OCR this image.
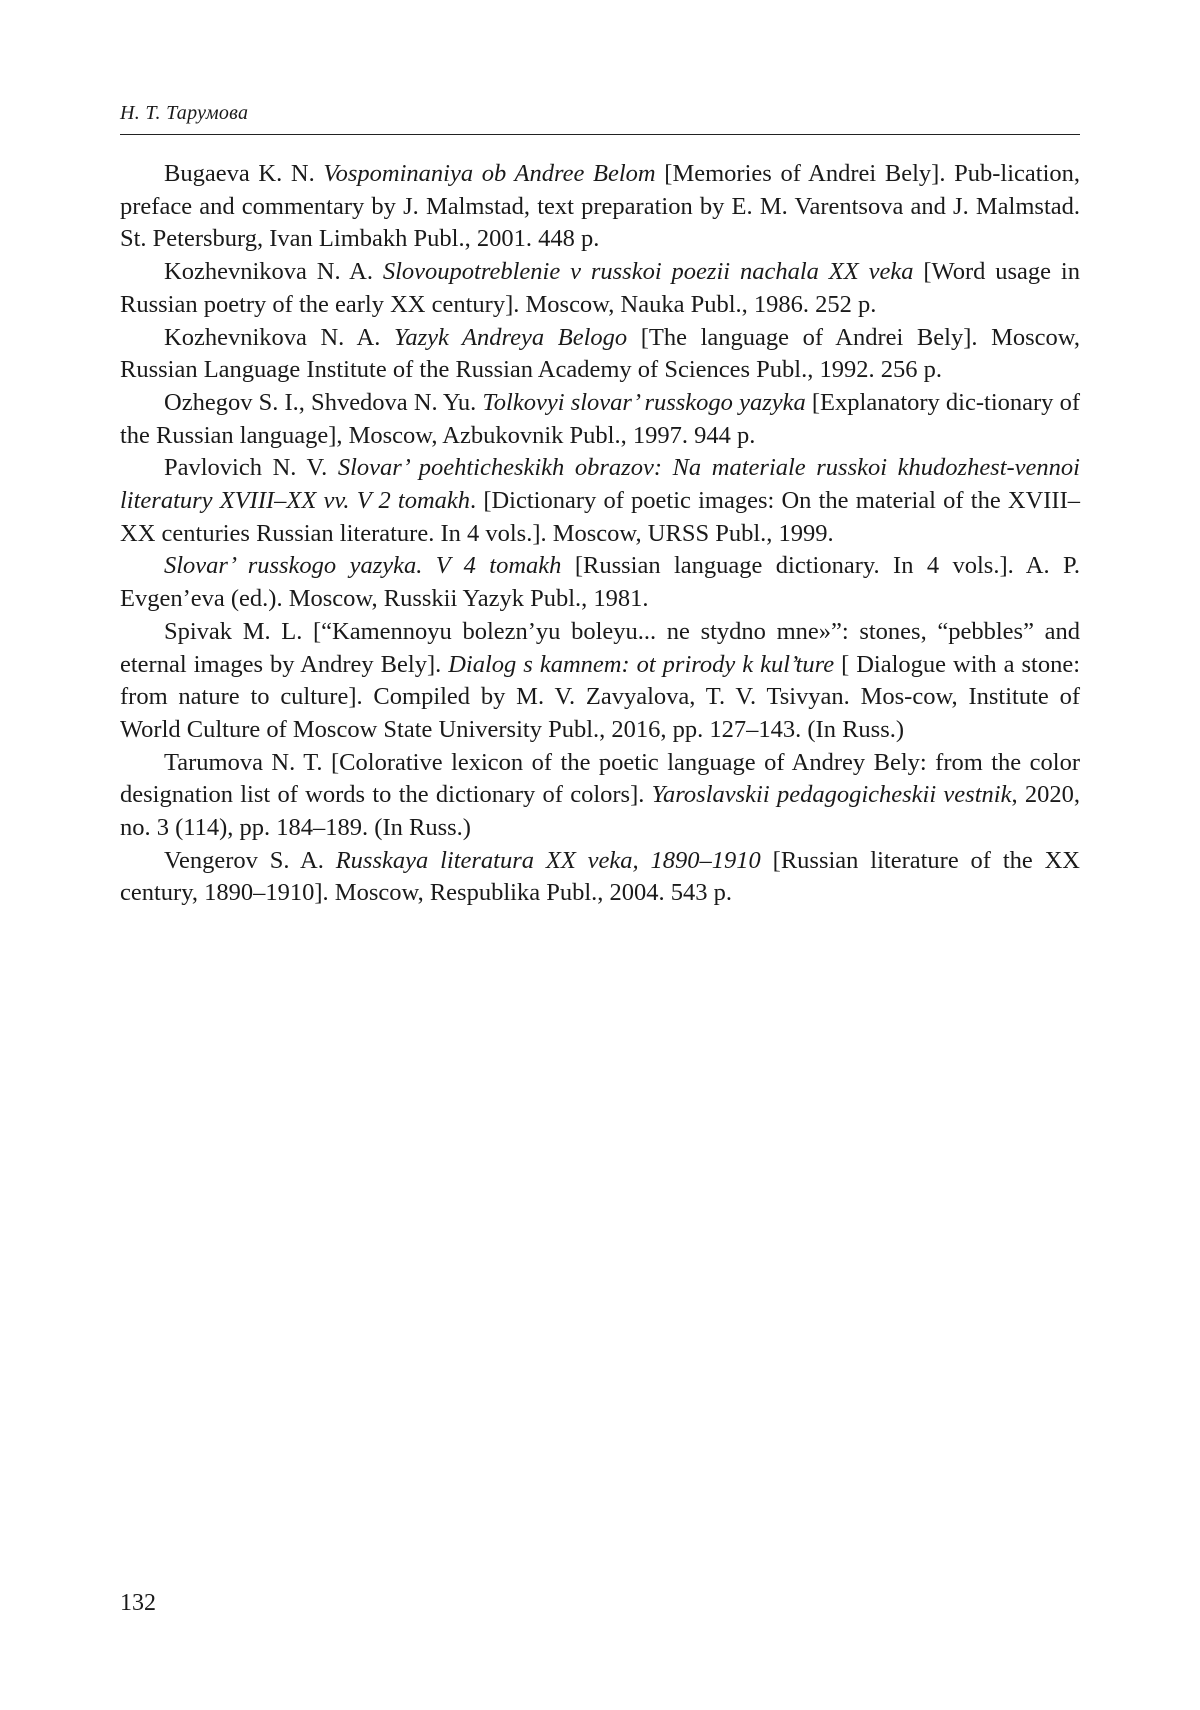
Н. Т. Тарумова

Bugaeva K. N. Vospominaniya ob Andree Belom [Memories of Andrei Bely]. Pub-lication, preface and commentary by J. Malmstad, text preparation by E. M. Varentsova and J. Malmstad. St. Petersburg, Ivan Limbakh Publ., 2001. 448 p.

Kozhevnikova N. A. Slovoupotreblenie v russkoi poezii nachala XX veka [Word usage in Russian poetry of the early XX century]. Moscow, Nauka Publ., 1986. 252 p.

Kozhevnikova N. A. Yazyk Andreya Belogo [The language of Andrei Bely]. Moscow, Russian Language Institute of the Russian Academy of Sciences Publ., 1992. 256 p.

Ozhegov S. I., Shvedova N. Yu. Tolkovyi slovar’ russkogo yazyka [Explanatory dic-tionary of the Russian language], Moscow, Azbukovnik Publ., 1997. 944 p.

Pavlovich N. V. Slovar’ poehticheskikh obrazov: Na materiale russkoi khudozhest-vennoi literatury XVIII–XX vv. V 2 tomakh. [Dictionary of poetic images: On the material of the XVIII–XX centuries Russian literature. In 4 vols.]. Moscow, URSS Publ., 1999.

Slovar’ russkogo yazyka. V 4 tomakh [Russian language dictionary. In 4 vols.]. A. P. Evgen’eva (ed.). Moscow, Russkii Yazyk Publ., 1981.

Spivak M. L. [“Kamennoyu bolezn’yu boleyu... ne stydno mne»”: stones, “pebbles” and eternal images by Andrey Bely]. Dialog s kamnem: ot prirody k kul’ture [ Dialogue with a stone: from nature to culture]. Compiled by M. V. Zavyalova, T. V. Tsivyan. Mos-cow, Institute of World Culture of Moscow State University Publ., 2016, pp. 127–143. (In Russ.)

Tarumova N. T. [Colorative lexicon of the poetic language of Andrey Bely: from the color designation list of words to the dictionary of colors]. Yaroslavskii pedagogicheskii vestnik, 2020, no. 3 (114), pp. 184–189. (In Russ.)

Vengerov S. A. Russkaya literatura XX veka, 1890–1910 [Russian literature of the XX century, 1890–1910]. Moscow, Respublika Publ., 2004. 543 p.

132
